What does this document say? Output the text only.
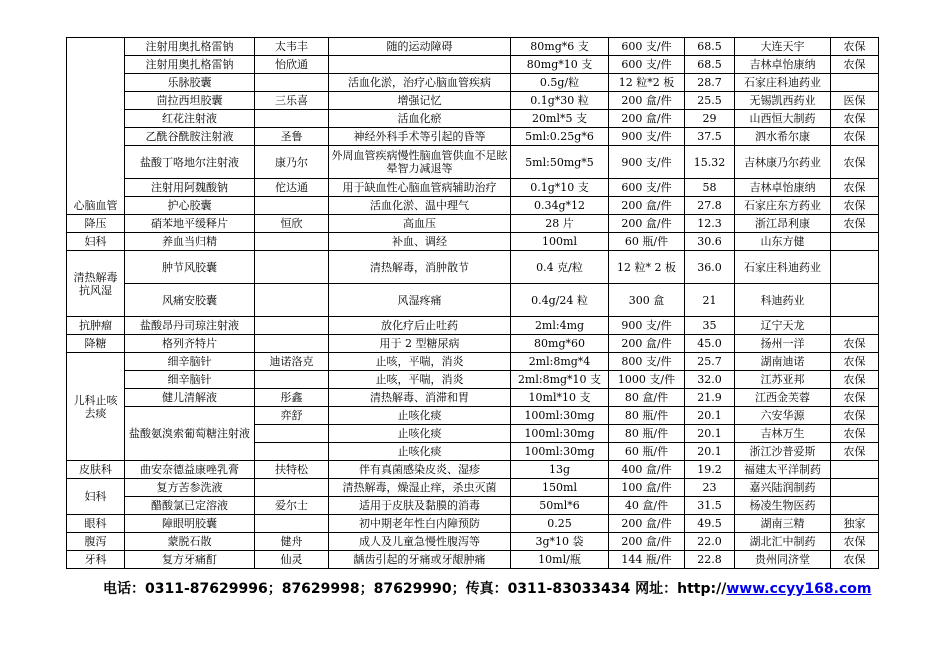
心脑血管	注射用奥扎格雷钠	太韦丰	随的运动障碍	80mg*6 支	600 支/件	68.5	大连天宇	农保
	注射用奥扎格雷钠	怡欣通		80mg*10 支	600 支/件	68.5	吉林卓怡康纳	农保
	乐脉胶囊		活血化淤，治疗心脑血管疾病	0.5g/粒	12 粒*2 板	28.7	石家庄科迪药业	
	茴拉西坦胶囊	三乐喜	增强记忆	0.1g*30 粒	200 盒/件	25.5	无锡凯西药业	医保
	红花注射液		活血化瘀	20ml*5 支	200 盒/件	29	山西恒大制药	农保
	乙酰谷酰胺注射液	圣鲁	神经外科手术等引起的昏等	5ml:0.25g*6	900 支/件	37.5	泗水希尔康	农保
	盐酸丁咯地尔注射液	康乃尔	外周血管疾病慢性脑血管供血不足眩晕智力减退等	5ml:50mg*5	900 支/件	15.32	吉林康乃尔药业	农保
	注射用阿魏酸钠	佗达通	用于缺血性心脑血管病辅助治疗	0.1g*10 支	600 支/件	58	吉林卓怡康纳	农保
	护心胶囊		活血化淤、温中理气	0.34g*12	200 盒/件	27.8	石家庄东方药业	农保
降压	硝苯地平缓释片	恒欣	高血压	28 片	200 盒/件	12.3	浙江昂利康	农保
妇科	养血当归精		补血、调经	100ml	60 瓶/件	30.6	山东方健	
清热解毒抗风湿	肿节风胶囊		清热解毒，消肿散节	0.4 克/粒	12 粒* 2 板	36.0	石家庄科迪药业	
	风痛安胶囊		风湿疼痛	0.4g/24 粒	300 盒	21	科迪药业	
抗肿瘤	盐酸昂丹司琼注射液		放化疗后止吐药	2ml:4mg	900 支/件	35	辽宁天龙	
降糖	格列齐特片		用于 2 型糖尿病	80mg*60	200 盒/件	45.0	扬州一洋	农保
儿科止咳去痰	细辛脑针	迪诺洛克	止咳，平喘，消炎	2ml:8mg*4	800 支/件	25.7	湖南迪诺	农保
	细辛脑针		止咳，平喘，消炎	2ml:8mg*10 支	1000 支/件	32.0	江苏亚邦	农保
	健儿清解液	彤鑫	清热解毒、消滞和胃	10ml*10 支	80 盒/件	21.9	江西金芙蓉	农保
	盐酸氨溴索葡萄糖注射液	弈舒	止咳化痰	100ml:30mg	80 瓶/件	20.1	六安华源	农保
			止咳化痰	100ml:30mg	80 瓶/件	20.1	吉林万生	农保
			止咳化痰	100ml:30mg	60 瓶/件	20.1	浙江沙普爱斯	农保
皮肤科	曲安奈德益康唑乳膏	扶特松	伴有真菌感染皮炎、湿疹	13g	400 盒/件	19.2	福建太平洋制药	
妇科	复方苦参洗液		清热解毒，燥湿止痒，杀虫灭菌	150ml	100 盒/件	23	嘉兴陆润制药	
	醋酸氯已定溶液	爱尔士	适用于皮肤及黏膜的消毒	50ml*6	40 盒/件	31.5	杨凌生物医药	
眼科	障眼明胶囊		初中期老年性白内障预防	0.25	200 盒/件	49.5	湖南三精	独家
腹泻	蒙脱石散	健舟	成人及儿童急慢性腹泻等	3g*10 袋	200 盒/件	22.0	湖北汇中制药	农保
牙科	复方牙痛酊	仙灵	龋齿引起的牙痛或牙龈肿痛	10ml/瓶	144 瓶/件	22.8	贵州同济堂	农保
电话：0311-87629996；87629998；87629990；传真：0311-83033434 网址：http://www.ccyy168.com
